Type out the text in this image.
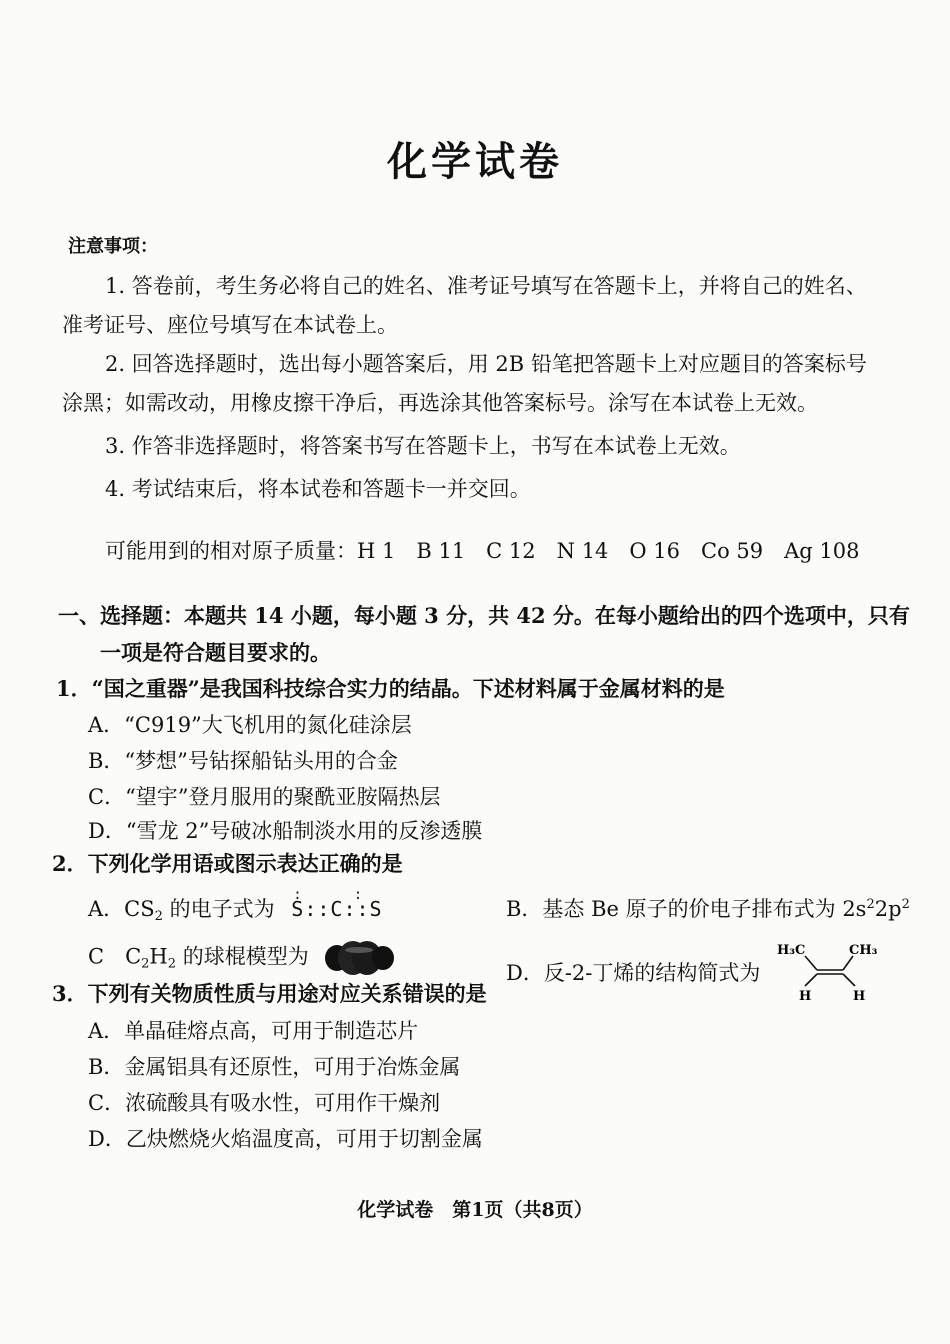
化学试卷
注意事项：
1. 答卷前，考生务必将自己的姓名、准考证号填写在答题卡上，并将自己的姓名、
准考证号、座位号填写在本试卷上。
2. 回答选择题时，选出每小题答案后，用 2B 铅笔把答题卡上对应题目的答案标号
涂黑；如需改动，用橡皮擦干净后，再选涂其他答案标号。涂写在本试卷上无效。
3. 作答非选择题时，将答案书写在答题卡上，书写在本试卷上无效。
4. 考试结束后，将本试卷和答题卡一并交回。
可能用到的相对原子质量：H 1　B 11　C 12　N 14　O 16　Co 59　Ag 108
一、选择题：本题共 14 小题，每小题 3 分，共 42 分。在每小题给出的四个选项中，只有
一项是符合题目要求的。
1．“国之重器”是我国科技综合实力的结晶。下述材料属于金属材料的是
A．“C919”大飞机用的氮化硅涂层
B．“梦想”号钻探船钻头用的合金
C．“望宇”登月服用的聚酰亚胺隔热层
D．“雪龙 2”号破冰船制淡水用的反渗透膜
2．下列化学用语或图示表达正确的是
A．$CS_2$ 的电子式为 S::C::S
::
B．基态 Be 原子的价电子排布式为 $2s^22p^2$
C　$C_2H_2$ 的球棍模型为
D．反-2-丁烯的结构简式为
H₃C	CH₃
H	H
3．下列有关物质性质与用途对应关系错误的是
A．单晶硅熔点高，可用于制造芯片
B．金属铝具有还原性，可用于冶炼金属
C．浓硫酸具有吸水性，可用作干燥剂
D．乙炔燃烧火焰温度高，可用于切割金属
化学试卷　第1页（共8页）
